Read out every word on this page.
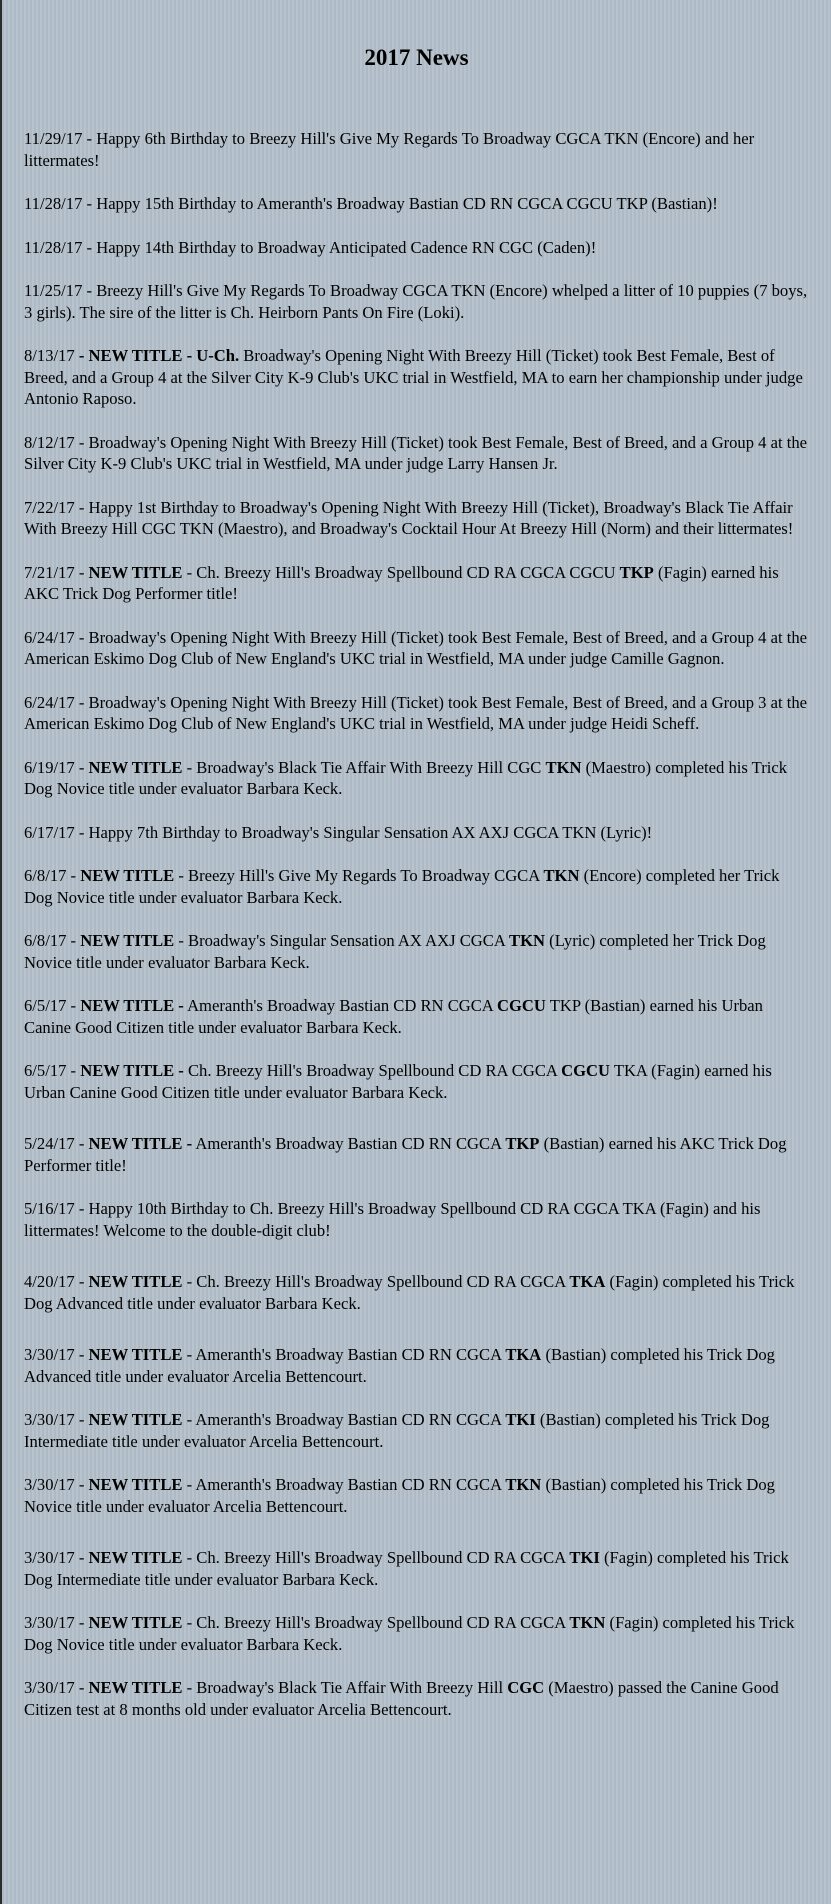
2017 News

11/29/17 - Happy 6th Birthday to Breezy Hill's Give My Regards To Broadway CGCA TKN (Encore) and her littermates!

11/28/17 - Happy 15th Birthday to Ameranth's Broadway Bastian CD RN CGCA CGCU TKP (Bastian)!

11/28/17 - Happy 14th Birthday to Broadway Anticipated Cadence RN CGC (Caden)!

11/25/17 - Breezy Hill's Give My Regards To Broadway CGCA TKN (Encore) whelped a litter of 10 puppies (7 boys, 3 girls). The sire of the litter is Ch. Heirborn Pants On Fire (Loki).

8/13/17 - NEW TITLE - U-Ch. Broadway's Opening Night With Breezy Hill (Ticket) took Best Female, Best of Breed, and a Group 4 at the Silver City K-9 Club's UKC trial in Westfield, MA to earn her championship under judge Antonio Raposo.

8/12/17 - Broadway's Opening Night With Breezy Hill (Ticket) took Best Female, Best of Breed, and a Group 4 at the Silver City K-9 Club's UKC trial in Westfield, MA under judge Larry Hansen Jr.

7/22/17 - Happy 1st Birthday to Broadway's Opening Night With Breezy Hill (Ticket), Broadway's Black Tie Affair With Breezy Hill CGC TKN (Maestro), and Broadway's Cocktail Hour At Breezy Hill (Norm) and their littermates!

7/21/17 - NEW TITLE - Ch. Breezy Hill's Broadway Spellbound CD RA CGCA CGCU TKP (Fagin) earned his AKC Trick Dog Performer title!

6/24/17 - Broadway's Opening Night With Breezy Hill (Ticket) took Best Female, Best of Breed, and a Group 4 at the American Eskimo Dog Club of New England's UKC trial in Westfield, MA under judge Camille Gagnon.

6/24/17 - Broadway's Opening Night With Breezy Hill (Ticket) took Best Female, Best of Breed, and a Group 3 at the American Eskimo Dog Club of New England's UKC trial in Westfield, MA under judge Heidi Scheff.

6/19/17 - NEW TITLE - Broadway's Black Tie Affair With Breezy Hill CGC TKN (Maestro) completed his Trick Dog Novice title under evaluator Barbara Keck.

6/17/17 - Happy 7th Birthday to Broadway's Singular Sensation AX AXJ CGCA TKN (Lyric)!

6/8/17 - NEW TITLE - Breezy Hill's Give My Regards To Broadway CGCA TKN (Encore) completed her Trick Dog Novice title under evaluator Barbara Keck.

6/8/17 - NEW TITLE - Broadway's Singular Sensation AX AXJ CGCA TKN (Lyric) completed her Trick Dog Novice title under evaluator Barbara Keck.

6/5/17 - NEW TITLE - Ameranth's Broadway Bastian CD RN CGCA CGCU TKP (Bastian) earned his Urban Canine Good Citizen title under evaluator Barbara Keck.

6/5/17 - NEW TITLE - Ch. Breezy Hill's Broadway Spellbound CD RA CGCA CGCU TKA (Fagin) earned his Urban Canine Good Citizen title under evaluator Barbara Keck.

5/24/17 - NEW TITLE - Ameranth's Broadway Bastian CD RN CGCA TKP (Bastian) earned his AKC Trick Dog Performer title!

5/16/17 - Happy 10th Birthday to Ch. Breezy Hill's Broadway Spellbound CD RA CGCA TKA (Fagin) and his littermates! Welcome to the double-digit club!

4/20/17 - NEW TITLE - Ch. Breezy Hill's Broadway Spellbound CD RA CGCA TKA (Fagin) completed his Trick Dog Advanced title under evaluator Barbara Keck.

3/30/17 - NEW TITLE - Ameranth's Broadway Bastian CD RN CGCA TKA (Bastian) completed his Trick Dog Advanced title under evaluator Arcelia Bettencourt.

3/30/17 - NEW TITLE - Ameranth's Broadway Bastian CD RN CGCA TKI (Bastian) completed his Trick Dog Intermediate title under evaluator Arcelia Bettencourt.

3/30/17 - NEW TITLE - Ameranth's Broadway Bastian CD RN CGCA TKN (Bastian) completed his Trick Dog Novice title under evaluator Arcelia Bettencourt.

3/30/17 - NEW TITLE - Ch. Breezy Hill's Broadway Spellbound CD RA CGCA TKI (Fagin) completed his Trick Dog Intermediate title under evaluator Barbara Keck.

3/30/17 - NEW TITLE - Ch. Breezy Hill's Broadway Spellbound CD RA CGCA TKN (Fagin) completed his Trick Dog Novice title under evaluator Barbara Keck.

3/30/17 - NEW TITLE - Broadway's Black Tie Affair With Breezy Hill CGC (Maestro) passed the Canine Good Citizen test at 8 months old under evaluator Arcelia Bettencourt.
